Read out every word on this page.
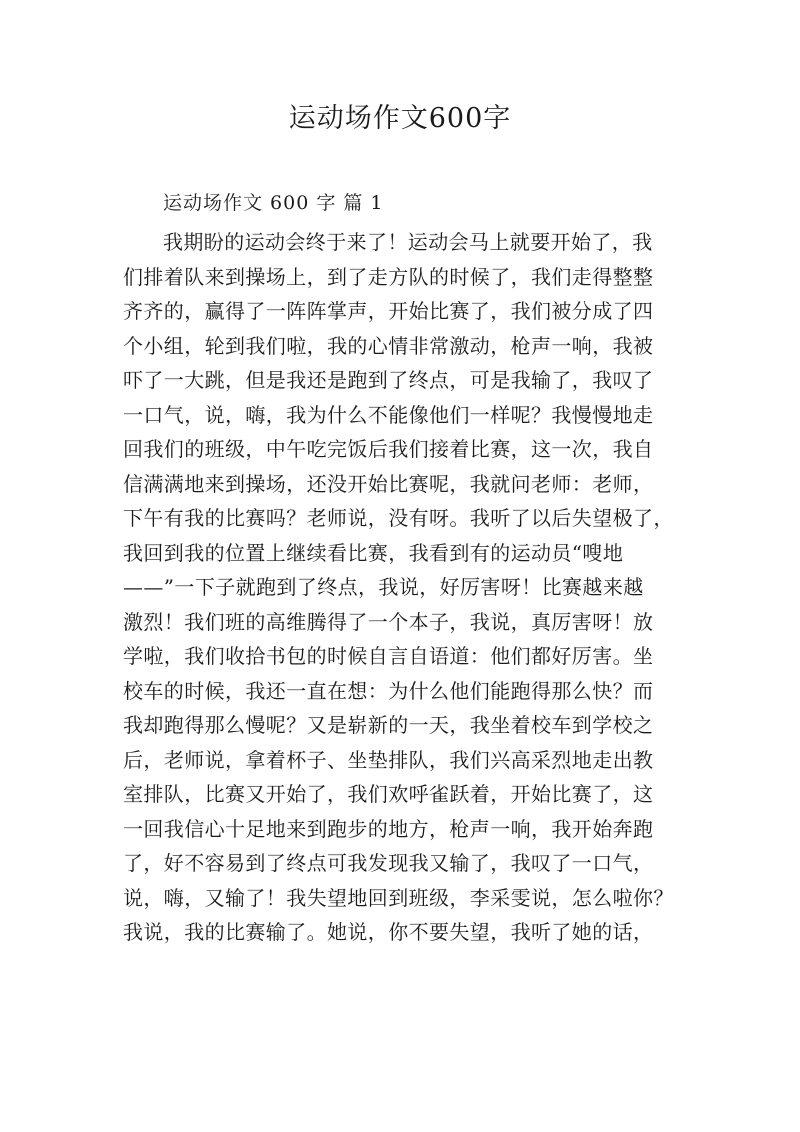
运动场作文600字

运动场作文 600 字 篇 1

我期盼的运动会终于来了！运动会马上就要开始了，我
们排着队来到操场上，到了走方队的时候了，我们走得整整
齐齐的，赢得了一阵阵掌声，开始比赛了，我们被分成了四
个小组，轮到我们啦，我的心情非常激动，枪声一响，我被
吓了一大跳，但是我还是跑到了终点，可是我输了，我叹了
一口气，说，嗨，我为什么不能像他们一样呢？我慢慢地走
回我们的班级，中午吃完饭后我们接着比赛，这一次，我自
信满满地来到操场，还没开始比赛呢，我就问老师：老师，
下午有我的比赛吗？老师说，没有呀。我听了以后失望极了，
我回到我的位置上继续看比赛，我看到有的运动员“嗖地
——”一下子就跑到了终点，我说，好厉害呀！比赛越来越
激烈！我们班的高维腾得了一个本子，我说，真厉害呀！放
学啦，我们收拾书包的时候自言自语道：他们都好厉害。坐
校车的时候，我还一直在想：为什么他们能跑得那么快？而
我却跑得那么慢呢？又是崭新的一天，我坐着校车到学校之
后，老师说，拿着杯子、坐垫排队，我们兴高采烈地走出教
室排队，比赛又开始了，我们欢呼雀跃着，开始比赛了，这
一回我信心十足地来到跑步的地方，枪声一响，我开始奔跑
了，好不容易到了终点可我发现我又输了，我叹了一口气，
说，嗨，又输了！我失望地回到班级，李采雯说，怎么啦你？
我说，我的比赛输了。她说，你不要失望，我听了她的话，
